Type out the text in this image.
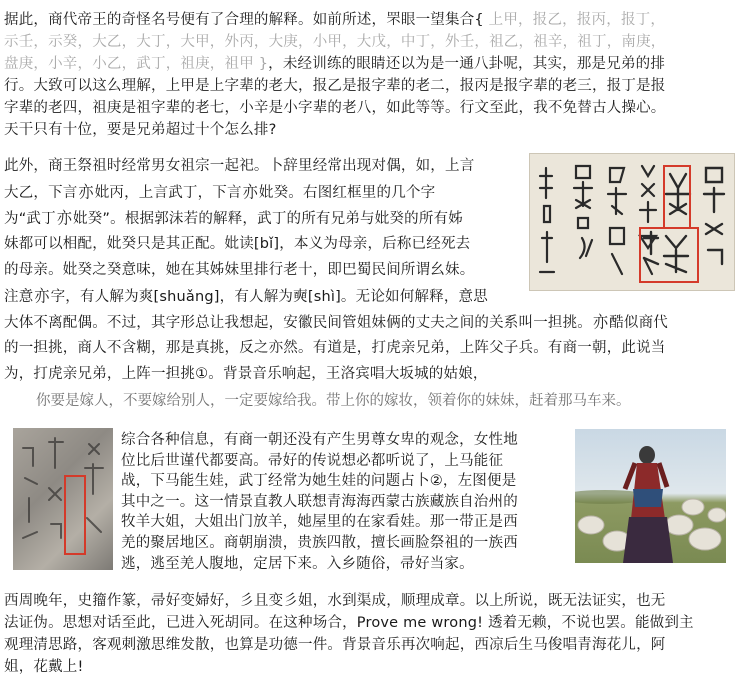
据此，商代帝王的奇怪名号便有了合理的解释。如前所述，罘眼一望集合{ 上甲，报乙，报丙，报丁，
示壬，示癸，大乙，大丁，大甲，外丙，大庚，小甲，大戊，中丁，外壬，祖乙，祖辛，祖丁，南庚，
盘庚，小辛，小乙，武丁，祖庚，祖甲 }，未经训练的眼睛还以为是一通八卦呢，其实，那是兄弟的排
行。大致可以这么理解，上甲是上字辈的老大，报乙是报字辈的老二，报丙是报字辈的老三，报丁是报
字辈的老四，祖庚是祖字辈的老七，小辛是小字辈的老八，如此等等。行文至此，我不免替古人操心。
天干只有十位，要是兄弟超过十个怎么排?
此外，商王祭祖时经常男女祖宗一起祀。卜辞里经常出现对偶，如，上言
大乙，下言亦妣丙，上言武丁，下言亦妣癸。右图红框里的几个字
为“武丁亦妣癸”。根据郭沫若的解释，武丁的所有兄弟与妣癸的所有姊
妹都可以相配，妣癸只是其正配。妣读[bǐ]，本义为母亲，后称已经死去
的母亲。妣癸之癸意味，她在其姊妹里排行老十，即巴蜀民间所谓幺妹。
注意亦字，有人解为爽[shuǎng]，有人解为奭[shì]。无论如何解释，意思
大体不离配偶。不过，其字形总让我想起，安徽民间管姐妹俩的丈夫之间的关系叫一担挑。亦酷似商代
的一担挑，商人不含糊，那是真挑，反之亦然。有道是，打虎亲兄弟，上阵父子兵。有商一朝，此说当
为，打虎亲兄弟，上阵一担挑①。背景音乐响起，王洛宾唱大坂城的姑娘，
你要是嫁人，不要嫁给别人，一定要嫁给我。带上你的嫁妆，领着你的妹妹，赶着那马车来。
综合各种信息，有商一朝还没有产生男尊女卑的观念，女性地
位比后世谨代都要高。帚好的传说想必都听说了，上马能征
战，下马能生娃，武丁经常为她生娃的问题占卜②，左图便是
其中之一。这一情景直教人联想青海海西蒙古族藏族自治州的
牧羊大姐，大姐出门放羊，她屋里的在家看娃。那一带正是西
羌的聚居地区。商朝崩溃，贵族四散，擅长画脸祭祖的一族西
逃，逃至羌人腹地，定居下来。入乡随俗，帚好当家。
西周晚年，史籀作篆，帚好变婦好，彡且变彡姐，水到渠成，顺理成章。以上所说，既无法证实，也无
法证伪。思想对话至此，已进入死胡同。在这种场合，Prove me wrong! 透着无赖，不说也罢。能做到主
观理清思路，客观刺激思维发散，也算是功德一件。背景音乐再次响起，西凉后生马俊唱青海花儿，阿
姐，花戴上!
